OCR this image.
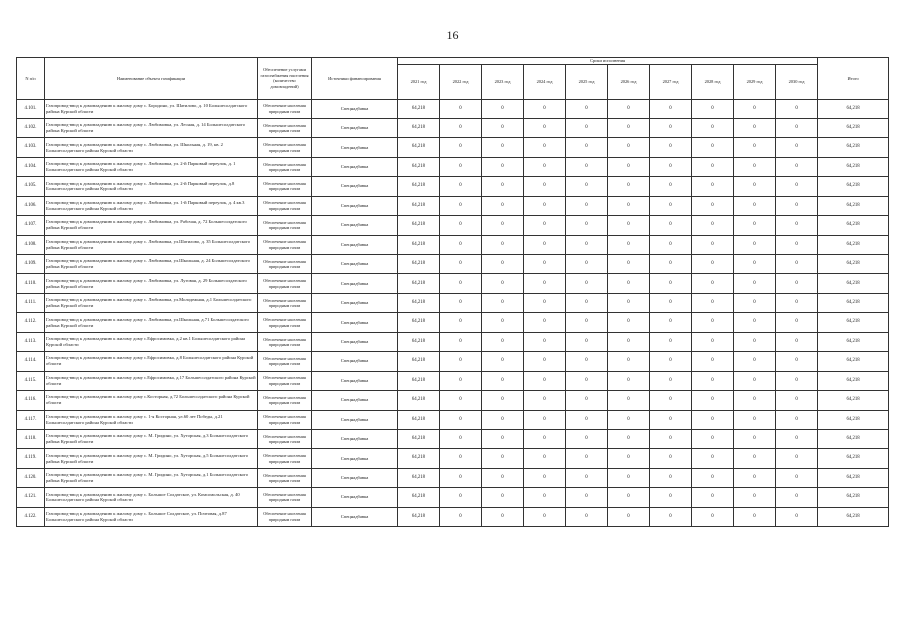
16
N п/п	Наименование объекта газификации	Обеспечение услугами газоснабжения населения (количество домовладений)	Источники финансирования	Сроки исполнения										Итого
				2021 год	2022 год	2023 год	2024 год	2025 год	2026 год	2027 год	2028 год	2029 год	2030 год	
4.101.	Газопровод-ввод к домовладению к жилому дому с. Бородино, ул. Шатилово, д. 10 Большесолдатского района Курской области	Обеспечение населения природным газом	Спецнадбавка	64,218	0	0	0	0	0	0	0	0	0	64,218
4.102.	Газопровод-ввод к домовладению к жилому дому с. Любимовка, ул. Лесная, д. 14 Большесолдатского района Курской области	Обеспечение населения природным газом	Спецнадбавка	64,218	0	0	0	0	0	0	0	0	0	64,218
4.103.	Газопровод-ввод к домовладению к жилому дому с. Любимовка, ул. Школьная, д. 19, кв. 2 Большесолдатского района Курской области	Обеспечение населения природным газом	Спецнадбавка	64,218	0	0	0	0	0	0	0	0	0	64,218
4.104.	Газопровод-ввод к домовладению к жилому дому с. Любимовка, ул. 2-й Парковый переулок, д. 1 Большесолдатского района Курской области	Обеспечение населения природным газом	Спецнадбавка	64,218	0	0	0	0	0	0	0	0	0	64,218
4.105.	Газопровод-ввод к домовладению к жилому дому с. Любимовка, ул. 2-й Парковый переулок, д.8 Большесолдатского района Курской области	Обеспечение населения природным газом	Спецнадбавка	64,218	0	0	0	0	0	0	0	0	0	64,218
4.106.	Газопровод-ввод к домовладению к жилому дому с. Любимовка, ул. 1-й Парковый переулок, д. 4 кв.3 Большесолдатского района Курской области	Обеспечение населения природным газом	Спецнадбавка	64,218	0	0	0	0	0	0	0	0	0	64,218
4.107.	Газопровод-ввод к домовладению к жилому дому с. Любимовка, ул. Рабочая, д. 72 Большесолдатского района Курской области	Обеспечение населения природным газом	Спецнадбавка	64,218	0	0	0	0	0	0	0	0	0	64,218
4.108.	Газопровод-ввод к домовладению к жилому дому с. Любимовка, ул.Шатилово, д. 35 Большесолдатского района Курской области	Обеспечение населения природным газом	Спецнадбавка	64,218	0	0	0	0	0	0	0	0	0	64,218
4.109.	Газопровод-ввод к домовладению к жилому дому с. Любимовка, ул.Школьная, д. 24 Большесолдатского района Курской области	Обеспечение населения природным газом	Спецнадбавка	64,218	0	0	0	0	0	0	0	0	0	64,218
4.110.	Газопровод-ввод к домовладению к жилому дому с. Любимовка, ул. Луговая, д. 29 Большесолдатского района Курской области	Обеспечение населения природным газом	Спецнадбавка	64,218	0	0	0	0	0	0	0	0	0	64,218
4.111.	Газопровод-ввод к домовладению к жилому дому с. Любимовка, ул.Молодежная, д.1 Большесолдатского района Курской области	Обеспечение населения природным газом	Спецнадбавка	64,218	0	0	0	0	0	0	0	0	0	64,218
4.112.	Газопровод-ввод к домовладению к жилому дому с. Любимовка, ул.Школьная, д.71 Большесолдатского района Курской области	Обеспечение населения природным газом	Спецнадбавка	64,218	0	0	0	0	0	0	0	0	0	64,218
4.113.	Газопровод-ввод к домовладению к жилому дому с.Ефросимовка, д.2 кв.1 Большесолдатского района Курской области	Обеспечение населения природным газом	Спецнадбавка	64,218	0	0	0	0	0	0	0	0	0	64,218
4.114.	Газопровод-ввод к домовладению к жилому дому с.Ефросимовка, д.8 Большесолдатского района Курской области	Обеспечение населения природным газом	Спецнадбавка	64,218	0	0	0	0	0	0	0	0	0	64,218
4.115.	Газопровод-ввод к домовладению к жилому дому с.Ефросимовка, д.17 Большесолдатского района Курской области	Обеспечение населения природным газом	Спецнадбавка	64,218	0	0	0	0	0	0	0	0	0	64,218
4.116.	Газопровод-ввод к домовладению к жилому дому с.Косторная, д.72 Большесолдатского района Курской области	Обеспечение населения природным газом	Спецнадбавка	64,218	0	0	0	0	0	0	0	0	0	64,218
4.117.	Газопровод-ввод к домовладению к жилому дому с. 1-я Косторная, ул.60 лет Победы, д.21 Большесолдатского района Курской области	Обеспечение населения природным газом	Спецнадбавка	64,218	0	0	0	0	0	0	0	0	0	64,218
4.118.	Газопровод-ввод к домовладению к жилому дому с. М. Гридино, ул. Хуторская, д.3 Большесолдатского района Курской области	Обеспечение населения природным газом	Спецнадбавка	64,218	0	0	0	0	0	0	0	0	0	64,218
4.119.	Газопровод-ввод к домовладению к жилому дому с. М. Гридино, ул. Хуторская, д.5 Большесолдатского района Курской области	Обеспечение населения природным газом	Спецнадбавка	64,218	0	0	0	0	0	0	0	0	0	64,218
4.120.	Газопровод-ввод к домовладению к жилому дому с. М. Гридино, ул. Хуторская, д.1 Большесолдатского района Курской области	Обеспечение населения природным газом	Спецнадбавка	64,218	0	0	0	0	0	0	0	0	0	64,218
4.121.	Газопровод-ввод к домовладению к жилому дому с. Большое Солдатское, ул. Комсомольская, д. 40 Большесолдатского района Курской области	Обеспечение населения природным газом	Спецнадбавка	64,218	0	0	0	0	0	0	0	0	0	64,218
4.122.	Газопровод-ввод к домовладению к жилому дому с. Большое Солдатское, ул. Почтовая, д.87 Большесолдатского района Курской области	Обеспечение населения природным газом	Спецнадбавка	64,218	0	0	0	0	0	0	0	0	0	64,218
